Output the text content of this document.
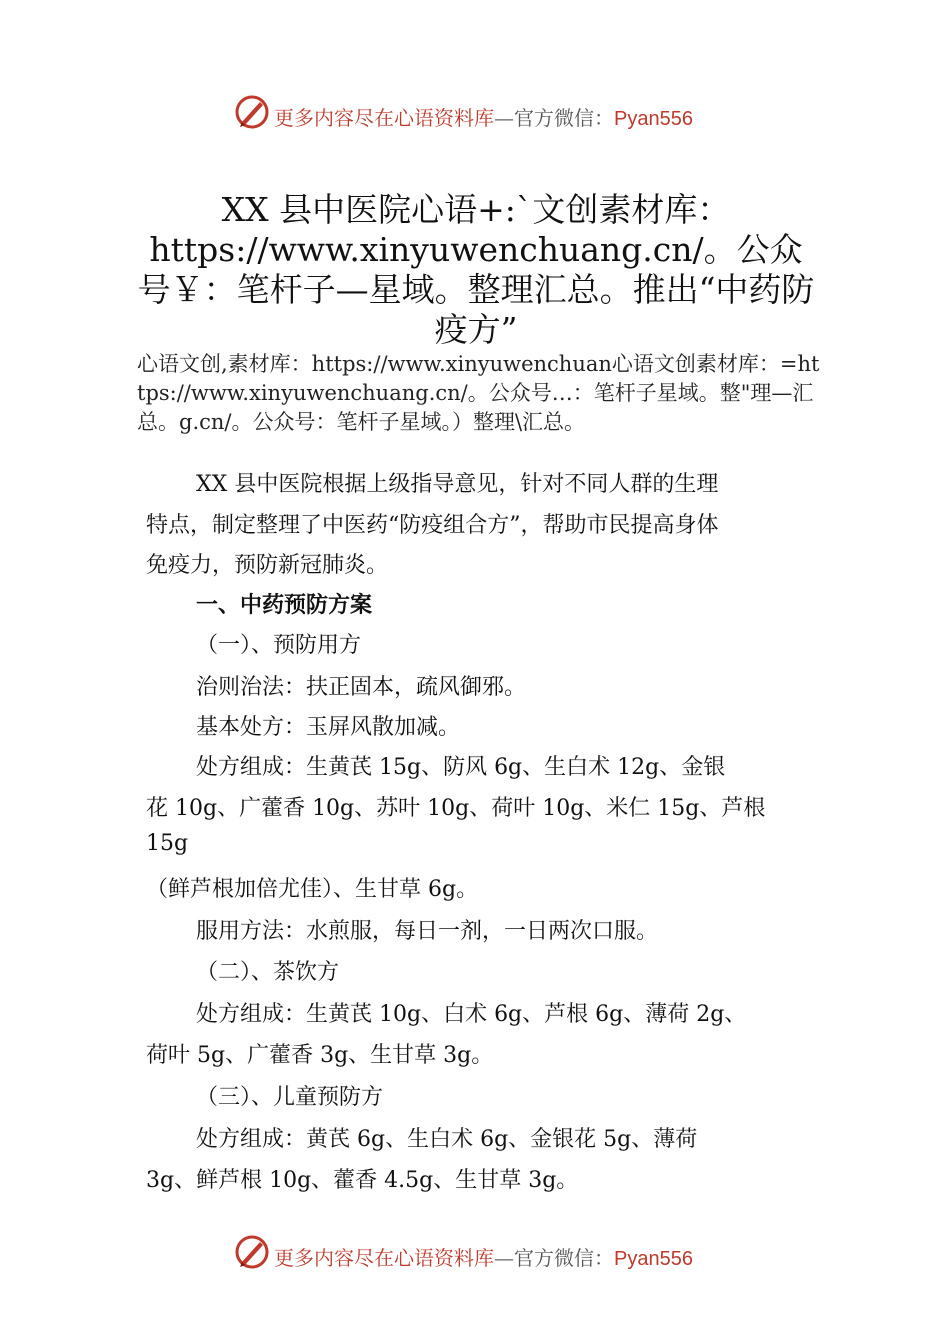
更多内容尽在心语资料库—官方微信：Pyan556
XX 县中医院心语+:`文创素材库：https://www.xinyuwenchuang.cn/。公众号￥：笔杆子—星域。整理汇总。推出“中药防疫方”
心语文创,素材库：https://www.xinyuwenchuan心语文创素材库：=https://www.xinyuwenchuang.cn/。公众号…：笔杆子星域。整"理—汇总。g.cn/。公众号：笔杆子星域。）整理\汇总。
XX 县中医院根据上级指导意见，针对不同人群的生理
特点，制定整理了中医药“防疫组合方”，帮助市民提高身体
免疫力，预防新冠肺炎。
一、中药预防方案
（一）、预防用方
治则治法：扶正固本，疏风御邪。
基本处方：玉屏风散加减。
处方组成：生黄芪 15g、防风 6g、生白术 12g、金银
花 10g、广藿香 10g、苏叶 10g、荷叶 10g、米仁 15g、芦根
15g
（鲜芦根加倍尤佳）、生甘草 6g。
服用方法：水煎服，每日一剂，一日两次口服。
（二）、茶饮方
处方组成：生黄芪 10g、白术 6g、芦根 6g、薄荷 2g、
荷叶 5g、广藿香 3g、生甘草 3g。
（三）、儿童预防方
处方组成：黄芪 6g、生白术 6g、金银花 5g、薄荷
3g、鲜芦根 10g、藿香 4.5g、生甘草 3g。
更多内容尽在心语资料库—官方微信：Pyan556
